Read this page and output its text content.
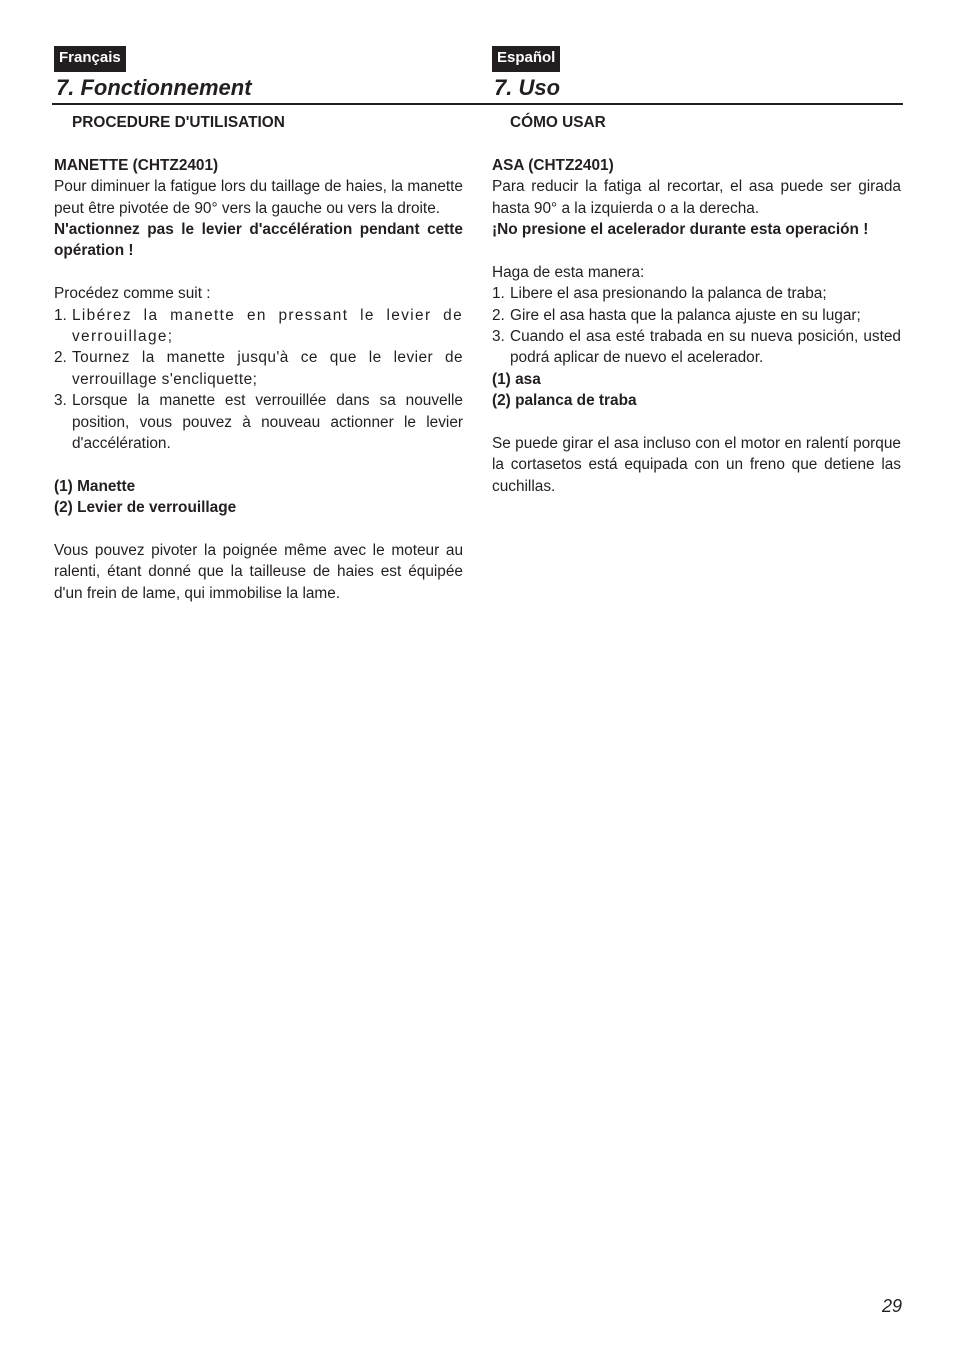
Français
7. Fonctionnement

PROCEDURE D'UTILISATION

MANETTE (CHTZ2401)

Pour diminuer la fatigue lors du taillage de haies, la manette peut être pivotée de 90° vers la gauche ou vers la droite.

N'actionnez pas le levier d'accélération pendant cette opération !

Procédez comme suit :

1. Libérez la manette en pressant le levier de verrouillage;
2. Tournez la manette jusqu'à ce que le levier de verrouillage s'encliquette;
3. Lorsque la manette est verrouillée dans sa nouvelle position, vous pouvez à nouveau actionner le levier d'accélération.

(1) Manette

(2) Levier de verrouillage

Vous pouvez pivoter la poignée même avec le moteur au ralenti, étant donné que la tailleuse de haies est équipée d'un frein de lame, qui immobilise la lame.

Español
7. Uso

CÓMO USAR

ASA (CHTZ2401)

Para reducir la fatiga al recortar, el asa puede ser girada hasta 90° a la izquierda o a la derecha.

¡No presione el acelerador durante esta operación !

Haga de esta manera:

1. Libere el asa presionando la palanca de traba;
2. Gire el asa hasta que la palanca ajuste en su lugar;
3. Cuando el asa esté trabada en su nueva posición, usted podrá aplicar de nuevo el acelerador.

(1) asa

(2) palanca de traba

Se puede girar el asa incluso con el motor en ralentí porque la cortasetos está equipada con un freno que detiene las cuchillas.

29
